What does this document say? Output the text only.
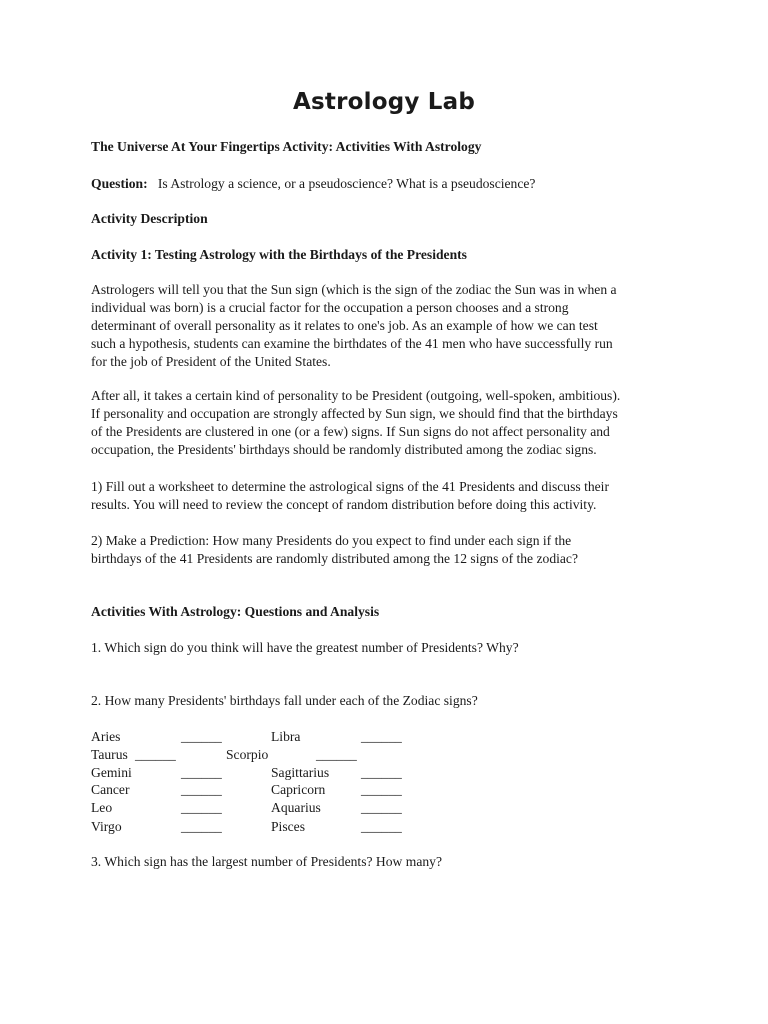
Astrology Lab
The Universe At Your Fingertips Activity: Activities With Astrology
Question: Is Astrology a science, or a pseudoscience? What is a pseudoscience?
Activity Description
Activity 1: Testing Astrology with the Birthdays of the Presidents
Astrologers will tell you that the Sun sign (which is the sign of the zodiac the Sun was in when a
individual was born) is a crucial factor for the occupation a person chooses and a strong
determinant of overall personality as it relates to one's job. As an example of how we can test
such a hypothesis, students can examine the birthdates of the 41 men who have successfully run
for the job of President of the United States.
After all, it takes a certain kind of personality to be President (outgoing, well-spoken, ambitious).
If personality and occupation are strongly affected by Sun sign, we should find that the birthdays
of the Presidents are clustered in one (or a few) signs. If Sun signs do not affect personality and
occupation, the Presidents' birthdays should be randomly distributed among the zodiac signs.
1) Fill out a worksheet to determine the astrological signs of the 41 Presidents and discuss their
results. You will need to review the concept of random distribution before doing this activity.
2) Make a Prediction: How many Presidents do you expect to find under each sign if the
birthdays of the 41 Presidents are randomly distributed among the 12 signs of the zodiac?
Activities With Astrology: Questions and Analysis
1. Which sign do you think will have the greatest number of Presidents? Why?
2. How many Presidents' birthdays fall under each of the Zodiac signs?
Aries	______	Libra	______
Taurus ______	Scorpio	______
Gemini	______	Sagittarius ______
Cancer	______	Capricorn	______
Leo	______	Aquarius	______
Virgo	______	Pisces	______
3. Which sign has the largest number of Presidents? How many?
